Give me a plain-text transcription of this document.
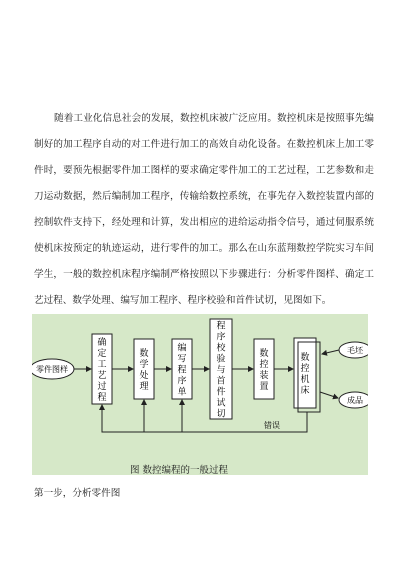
随着工业化信息社会的发展，数控机床被广泛应用。数控机床是按照事先编制好的加工程序自动的对工件进行加工的高效自动化设备。在数控机床上加工零件时，要预先根据零件加工图样的要求确定零件加工的工艺过程，工艺参数和走刀运动数据，然后编制加工程序，传输给数控系统，在事先存入数控装置内部的控制软件支持下，经处理和计算，发出相应的进给运动指令信号，通过伺服系统使机床按预定的轨迹运动，进行零件的加工。那么在山东蓝翔数控学院实习车间学生，一般的数控机床程序编制严格按照以下步骤进行：分析零件图样、确定工艺过程、数学处理、编写加工程序、程序校验和首件试切，见图如下。

零件图样
确
定
工
艺
过
程
数
学
处
理
编
写
程
序
单
程
序
校
验
与
首
件
试
切
数
控
装
置
数
控
机
床
毛坯
成品
错误
图 数控编程的一般过程
第一步，分析零件图
